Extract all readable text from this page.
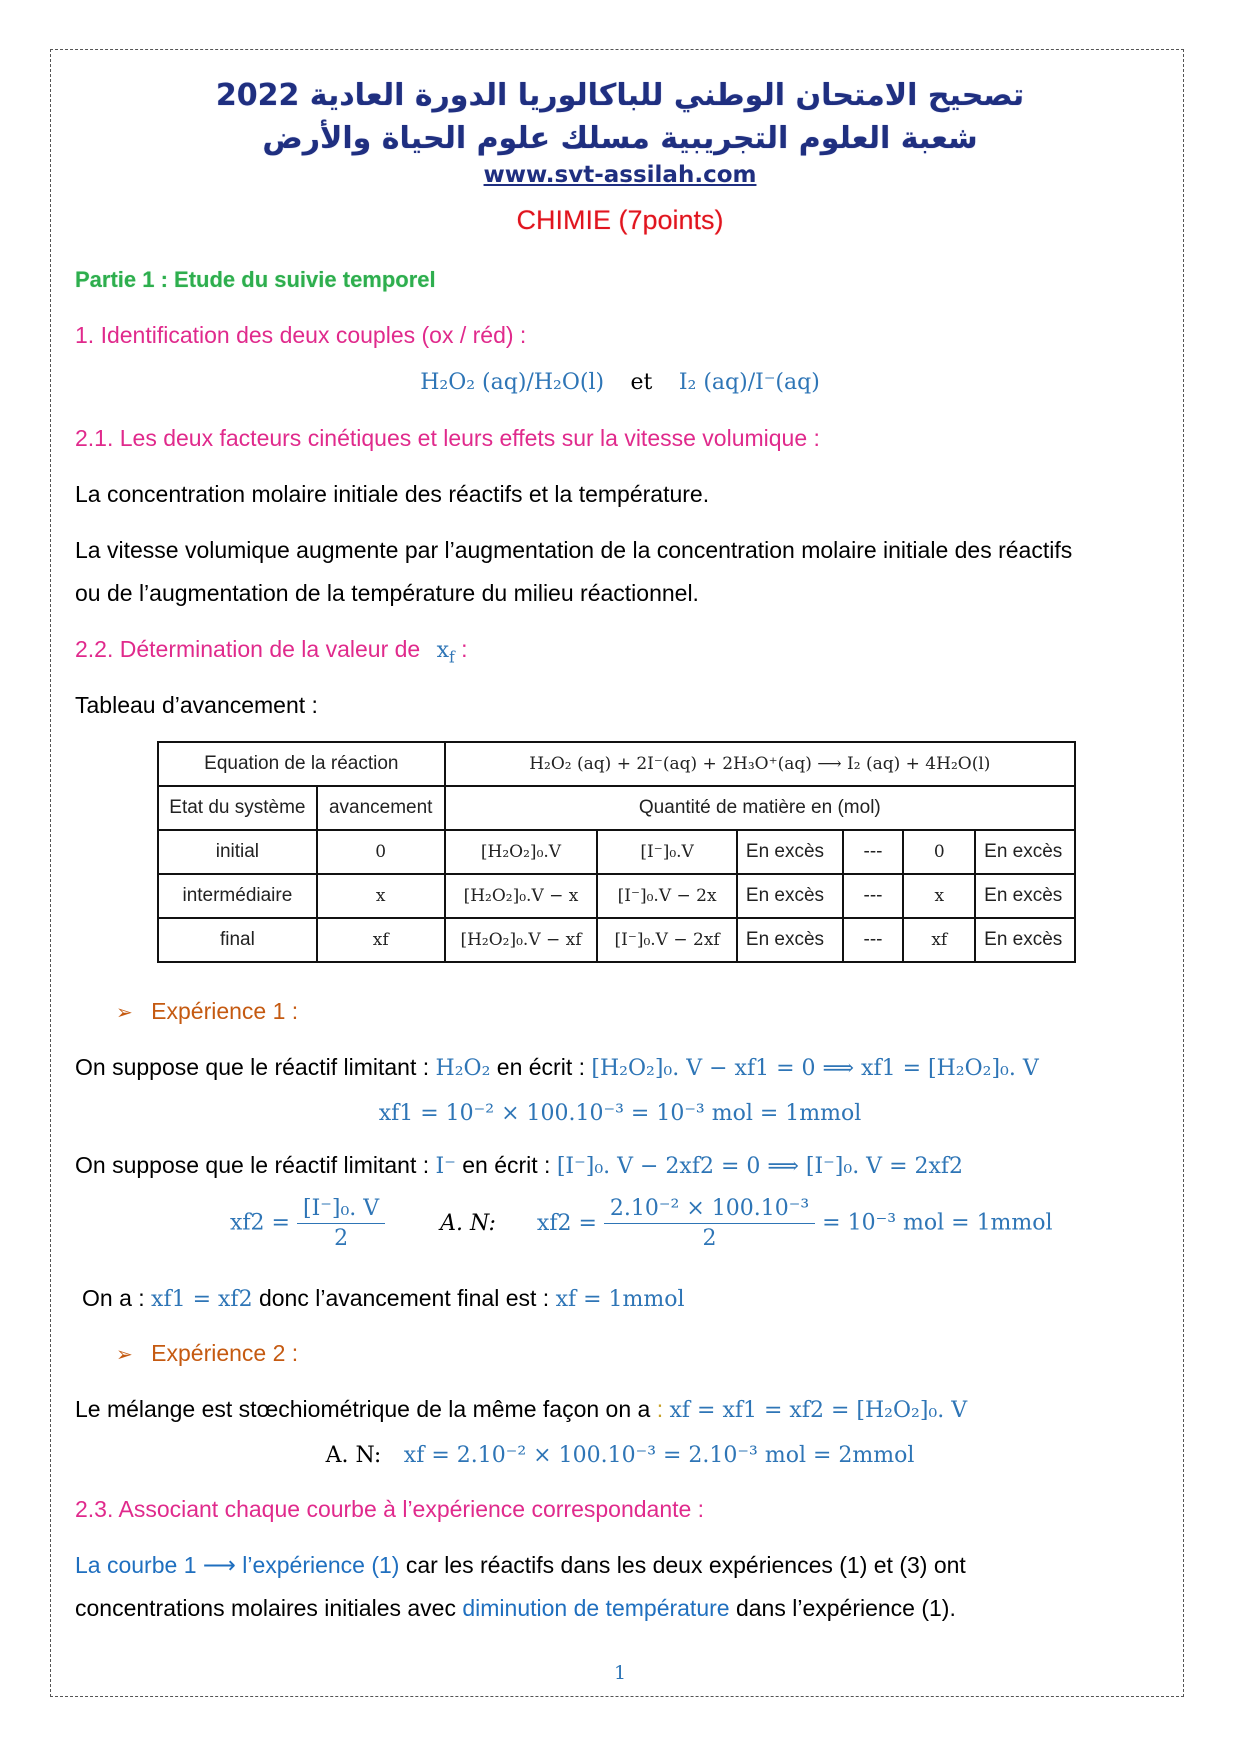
تصحيح الامتحان الوطني للباكالوريا الدورة العادية 2022
شعبة العلوم التجريبية مسلك علوم الحياة والأرض
www.svt-assilah.com
CHIMIE (7points)
Partie 1 : Etude du suivie temporel
1. Identification des deux couples (ox / réd) :
H₂O₂ (aq)/H₂O(l) et I₂ (aq)/I⁻(aq)
2.1. Les deux facteurs cinétiques et leurs effets sur la vitesse volumique :
La concentration molaire initiale des réactifs et la température.
La vitesse volumique augmente par l’augmentation de la concentration molaire initiale des réactifs
ou de l’augmentation de la température du milieu réactionnel.
2.2. Détermination de la valeur de $x_f$ :
Tableau d’avancement :
Equation de la réaction		H₂O₂ (aq) + 2I⁻(aq) + 2H₃O⁺(aq) ⟶ I₂ (aq) + 4H₂O(l)					
Etat du système	avancement	Quantité de matière en (mol)					
initial	0	[H₂O₂]₀.V	[I⁻]₀.V	En excès	---	0	En excès
intermédiaire	x	[H₂O₂]₀.V − x	[I⁻]₀.V − 2x	En excès	---	x	En excès
final	xf	[H₂O₂]₀.V − xf	[I⁻]₀.V − 2xf	En excès	---	xf	En excès
➢ Expérience 1 :
On suppose que le réactif limitant : H₂O₂ en écrit : [H₂O₂]₀. V − xf1 = 0 ⟹ xf1 = [H₂O₂]₀. V
xf1 = 10⁻² × 100.10⁻³ = 10⁻³ mol = 1mmol
On suppose que le réactif limitant : I⁻ en écrit : [I⁻]₀. V − 2xf2 = 0 ⟹ [I⁻]₀. V = 2xf2
$xf2 = \frac{\text{[I⁻]₀. V}}{2}$	A. N: $xf2 = \frac{\text{2.10⁻² × 100.10⁻³}}{2} = 10^{-3}$ mol = 1mmol
On a : xf1 = xf2 donc l’avancement final est : xf = 1mmol
➢ Expérience 2 :
Le mélange est stœchiométrique de la même façon on a : xf = xf1 = xf2 = [H₂O₂]₀. V
A. N: xf = 2.10⁻² × 100.10⁻³ = 2.10⁻³ mol = 2mmol
2.3. Associant chaque courbe à l’expérience correspondante :
La courbe 1 ⟶ l’expérience (1) car les réactifs dans les deux expériences (1) et (3) ont
concentrations molaires initiales avec diminution de température dans l’expérience (1).
1
